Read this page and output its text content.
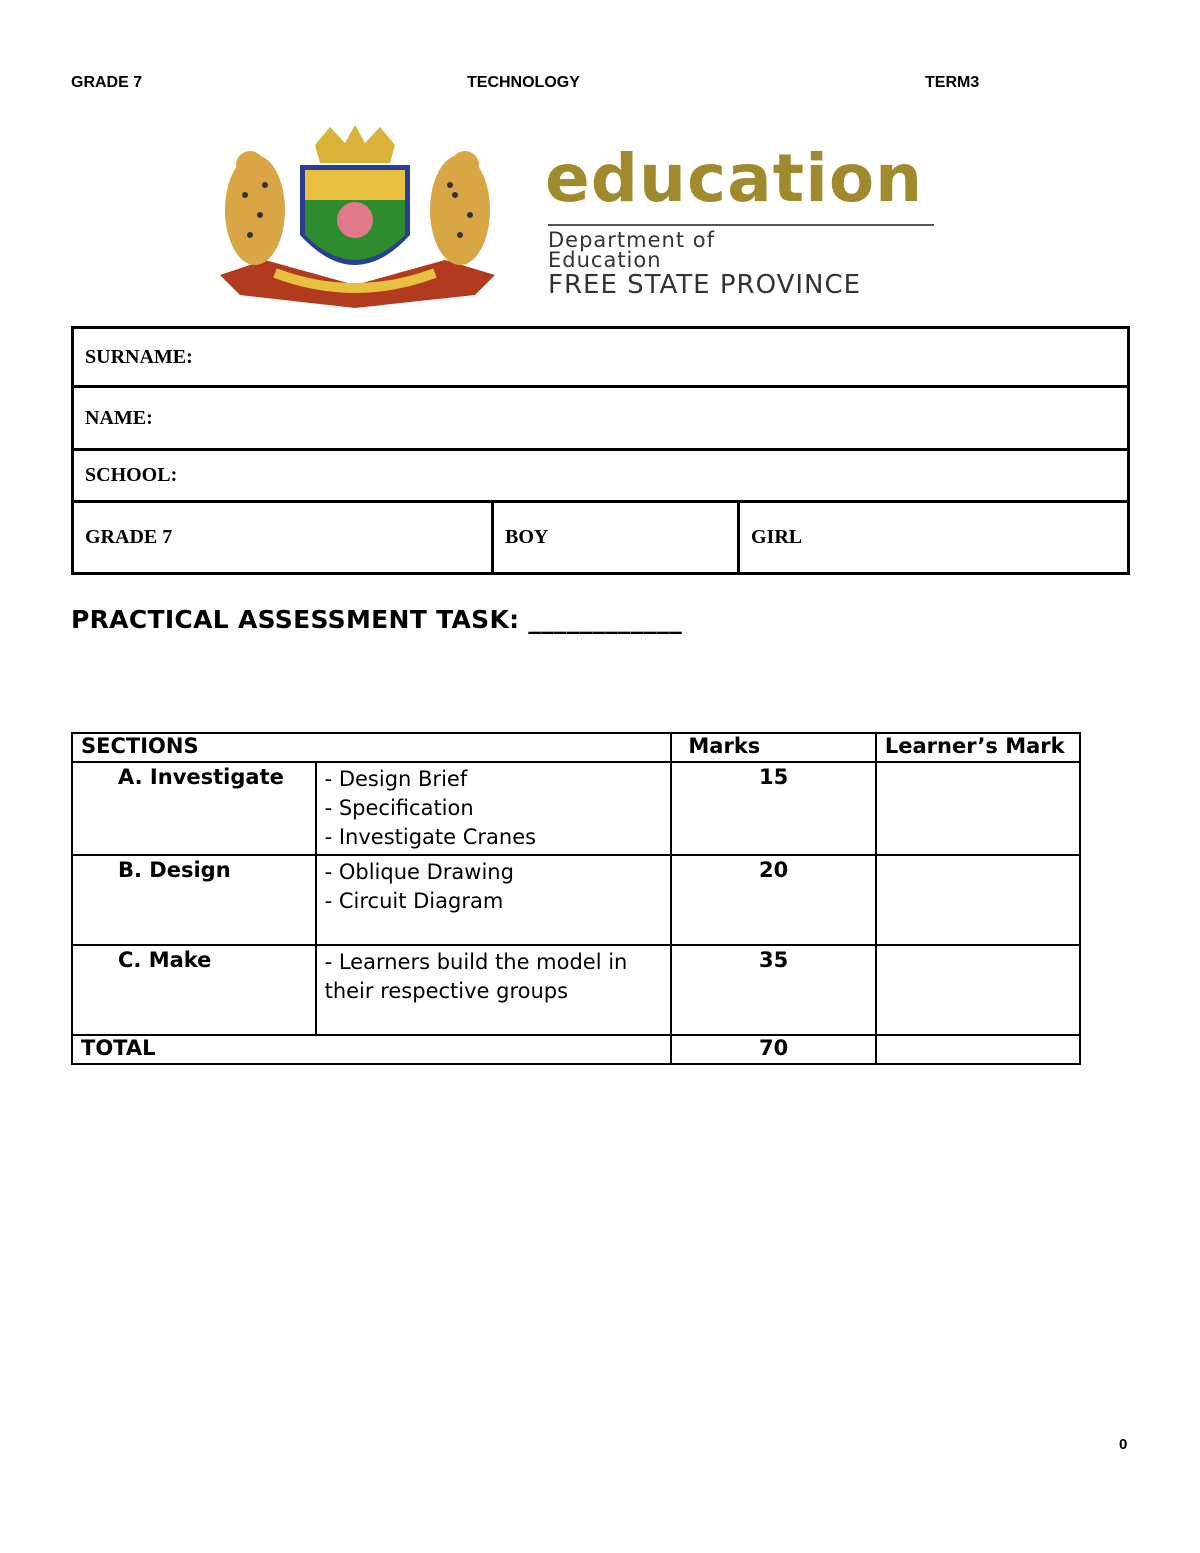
GRADE 7	TECHNOLOGY	TERM3
education
Department of
Education
FREE STATE PROVINCE
SURNAME:
NAME:
SCHOOL:
GRADE 7	BOY	GIRL
PRACTICAL ASSESSMENT TASK: ____________
SECTIONS		Marks	Learner’s Mark
A. Investigate	- Design Brief
- Specification
- Investigate Cranes	15	
B. Design	- Oblique Drawing
- Circuit Diagram	20	
C. Make	- Learners build the model in their respective groups	35	
TOTAL		70	
0
